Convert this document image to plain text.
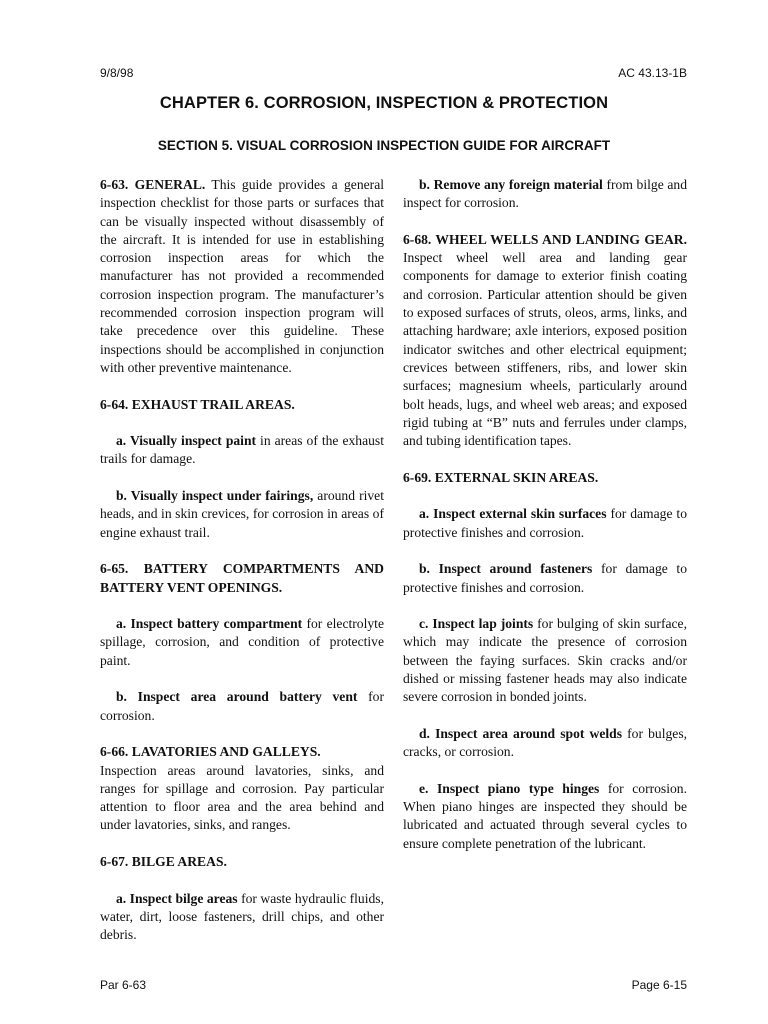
9/8/98	AC 43.13-1B
CHAPTER 6. CORROSION, INSPECTION & PROTECTION
SECTION 5. VISUAL CORROSION INSPECTION GUIDE FOR AIRCRAFT

6-63. GENERAL. This guide provides a general inspection checklist for those parts or surfaces that can be visually inspected without disassembly of the aircraft. It is intended for use in establishing corrosion inspection areas for which the manufacturer has not provided a recommended corrosion inspection program. The manufacturer’s recommended corrosion inspection program will take precedence over this guideline. These inspections should be accomplished in conjunction with other preventive maintenance.

6-64. EXHAUST TRAIL AREAS.

a. Visually inspect paint in areas of the exhaust trails for damage.

b. Visually inspect under fairings, around rivet heads, and in skin crevices, for corrosion in areas of engine exhaust trail.

6-65. BATTERY COMPARTMENTS AND BATTERY VENT OPENINGS.

a. Inspect battery compartment for electrolyte spillage, corrosion, and condition of protective paint.

b. Inspect area around battery vent for corrosion.

6-66. LAVATORIES AND GALLEYS.

Inspection areas around lavatories, sinks, and ranges for spillage and corrosion. Pay particular attention to floor area and the area behind and under lavatories, sinks, and ranges.

6-67. BILGE AREAS.

a. Inspect bilge areas for waste hydraulic fluids, water, dirt, loose fasteners, drill chips, and other debris.

b. Remove any foreign material from bilge and inspect for corrosion.

6-68. WHEEL WELLS AND LANDING GEAR. Inspect wheel well area and landing gear components for damage to exterior finish coating and corrosion. Particular attention should be given to exposed surfaces of struts, oleos, arms, links, and attaching hardware; axle interiors, exposed position indicator switches and other electrical equipment; crevices between stiffeners, ribs, and lower skin surfaces; magnesium wheels, particularly around bolt heads, lugs, and wheel web areas; and exposed rigid tubing at “B” nuts and ferrules under clamps, and tubing identification tapes.

6-69. EXTERNAL SKIN AREAS.

a. Inspect external skin surfaces for damage to protective finishes and corrosion.

b. Inspect around fasteners for damage to protective finishes and corrosion.

c. Inspect lap joints for bulging of skin surface, which may indicate the presence of corrosion between the faying surfaces. Skin cracks and/or dished or missing fastener heads may also indicate severe corrosion in bonded joints.

d. Inspect area around spot welds for bulges, cracks, or corrosion.

e. Inspect piano type hinges for corrosion. When piano hinges are inspected they should be lubricated and actuated through several cycles to ensure complete penetration of the lubricant.

Par 6-63	Page 6-15
